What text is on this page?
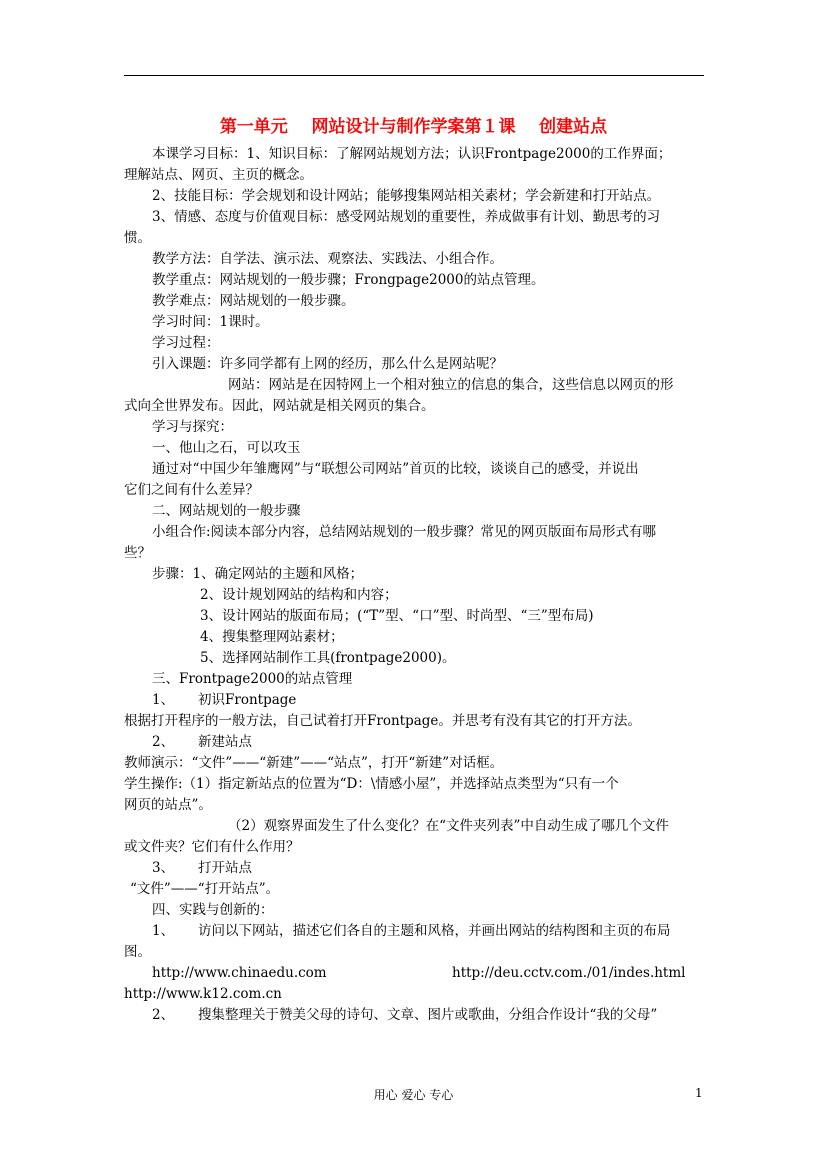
第一单元    网站设计与制作学案第１课    创建站点
本课学习目标：1、知识目标：了解网站规划方法；认识Frontpage2000的工作界面；
理解站点、网页、主页的概念。
2、技能目标：学会规划和设计网站；能够搜集网站相关素材；学会新建和打开站点。
3、情感、态度与价值观目标：感受网站规划的重要性，养成做事有计划、勤思考的习
惯。
教学方法：自学法、演示法、观察法、实践法、小组合作。
教学重点：网站规划的一般步骤；Frongpage2000的站点管理。
教学难点：网站规划的一般步骤。
学习时间：1课时。
学习过程：
引入课题：许多同学都有上网的经历，那么什么是网站呢？
网站：网站是在因特网上一个相对独立的信息的集合，这些信息以网页的形
式向全世界发布。因此，网站就是相关网页的集合。
学习与探究：
一、他山之石，可以攻玉
通过对“中国少年雏鹰网”与“联想公司网站”首页的比较，谈谈自己的感受，并说出
它们之间有什么差异？
二、网站规划的一般步骤
小组合作:阅读本部分内容，总结网站规划的一般步骤？常见的网页版面布局形式有哪
些？
步骤：1、确定网站的主题和风格；
2、设计规划网站的结构和内容；
3、设计网站的版面布局；(“T”型、“口”型、时尚型、“三”型布局)
4、搜集整理网站素材；
5、选择网站制作工具(frontpage2000)。
三、Frontpage2000的站点管理
1、 初识Frontpage
根据打开程序的一般方法，自己试着打开Frontpage。并思考有没有其它的打开方法。
2、 新建站点
教师演示：“文件”——“新建”——“站点”，打开“新建”对话框。
学生操作:（1）指定新站点的位置为“D：\情感小屋”，并选择站点类型为“只有一个
网页的站点”。
（2）观察界面发生了什么变化？在“文件夹列表”中自动生成了哪几个文件
或文件夹？它们有什么作用？
3、 打开站点
“文件”——“打开站点”。
四、实践与创新的：
1、 访问以下网站，描述它们各自的主题和风格，并画出网站的结构图和主页的布局
图。
http://www.chinaedu.com	http://deu.cctv.com./01/indes.html
http://www.k12.com.cn
2、 搜集整理关于赞美父母的诗句、文章、图片或歌曲，分组合作设计“我的父母”
用心 爱心 专心	1
